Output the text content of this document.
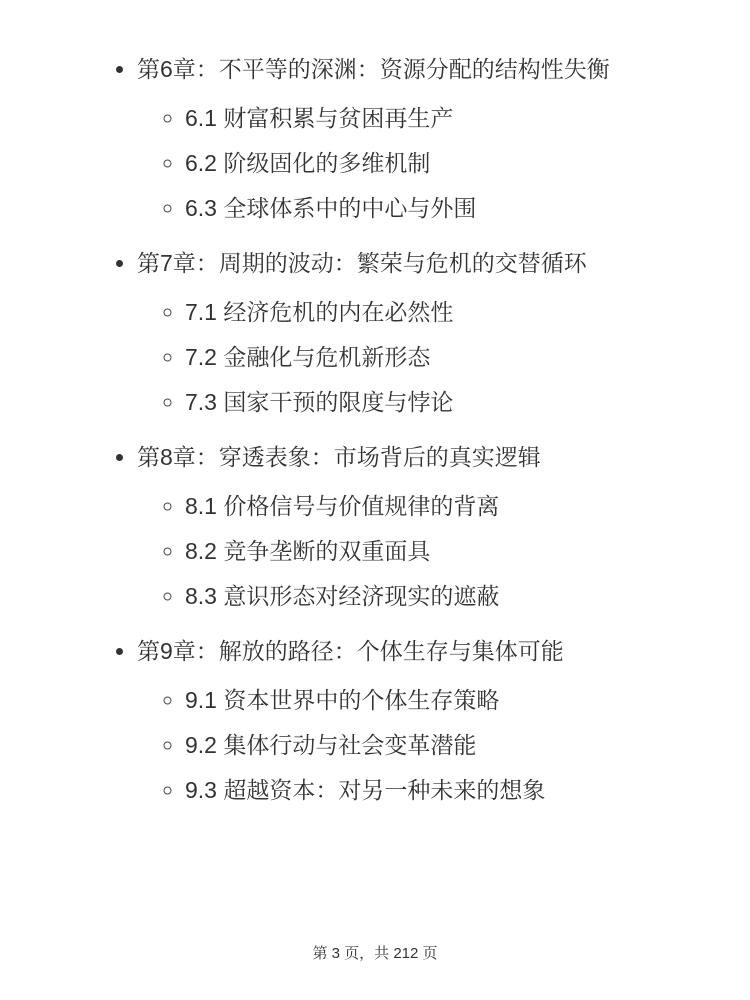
• 第6章：不平等的深渊：资源分配的结构性失衡
◦ 6.1 财富积累与贫困再生产
◦ 6.2 阶级固化的多维机制
◦ 6.3 全球体系中的中心与外围
• 第7章：周期的波动：繁荣与危机的交替循环
◦ 7.1 经济危机的内在必然性
◦ 7.2 金融化与危机新形态
◦ 7.3 国家干预的限度与悖论
• 第8章：穿透表象：市场背后的真实逻辑
◦ 8.1 价格信号与价值规律的背离
◦ 8.2 竞争垄断的双重面具
◦ 8.3 意识形态对经济现实的遮蔽
• 第9章：解放的路径：个体生存与集体可能
◦ 9.1 资本世界中的个体生存策略
◦ 9.2 集体行动与社会变革潜能
◦ 9.3 超越资本：对另一种未来的想象
第 3 页，共 212 页
